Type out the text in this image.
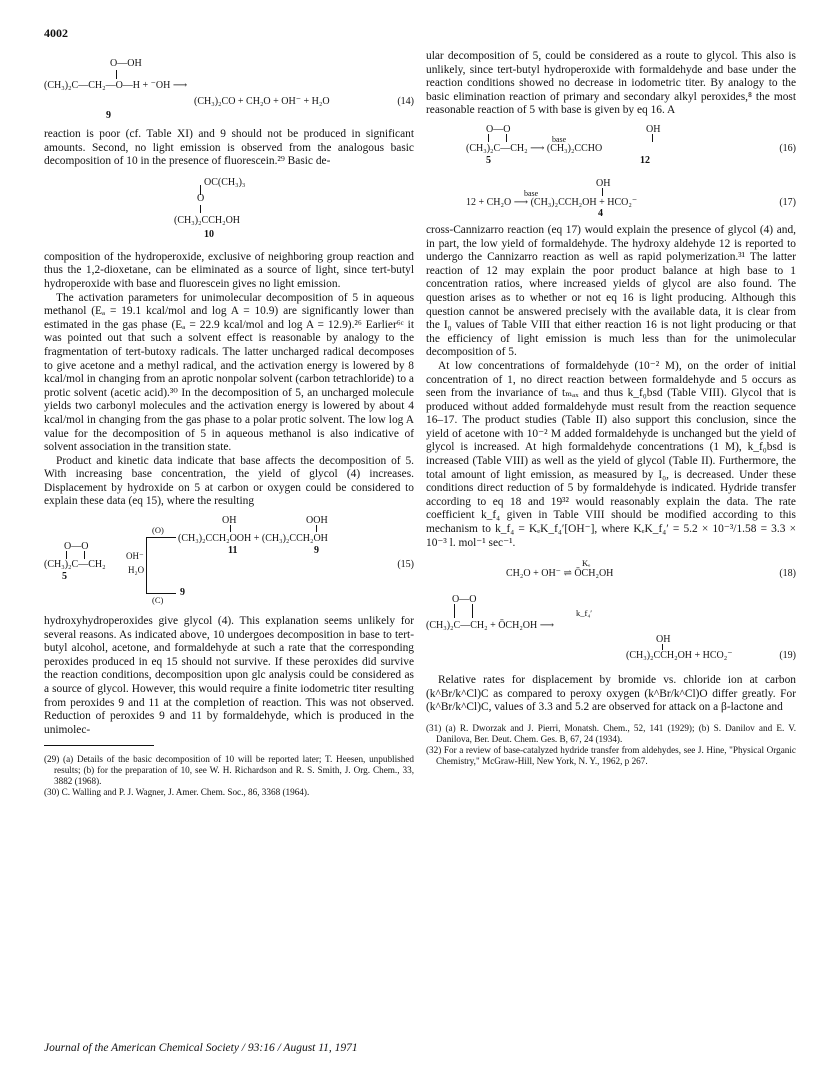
4002
O—OH
(CH₃)₂C—CH₂—O—H + ⁻OH ⟶
(CH₃)₂CO + CH₂O + OH⁻ + H₂O	(14)
9

reaction is poor (cf. Table XI) and 9 should not be produced in significant amounts. Second, no light emission is observed from the analogous basic decomposition of 10 in the presence of fluorescein.²⁹ Basic de-

OC(CH₃)₃
O
(CH₃)₂CCH₂OH
10

composition of the hydroperoxide, exclusive of neighboring group reaction and thus the 1,2-dioxetane, can be eliminated as a source of light, since tert-butyl hydroperoxide with base and fluorescein gives no light emission.

The activation parameters for unimolecular decomposition of 5 in aqueous methanol (Eₐ = 19.1 kcal/mol and log A = 10.9) are significantly lower than estimated in the gas phase (Eₐ = 22.9 kcal/mol and log A = 12.9).²⁶ Earlier⁶ᶜ it was pointed out that such a solvent effect is reasonable by analogy to the fragmentation of tert-butoxy radicals. The latter uncharged radical decomposes to give acetone and a methyl radical, and the activation energy is lowered by 8 kcal/mol in changing from an aprotic nonpolar solvent (carbon tetrachloride) to a protic solvent (acetic acid).³⁰ In the decomposition of 5, an uncharged molecule yields two carbonyl molecules and the activation energy is lowered by about 4 kcal/mol in changing from the gas phase to a polar protic solvent. The low log A value for the decomposition of 5 in aqueous methanol is also indicative of solvent association in the transition state.

Product and kinetic data indicate that base affects the decomposition of 5. With increasing base concentration, the yield of glycol (4) increases. Displacement by hydroxide on 5 at carbon or oxygen could be considered to explain these data (eq 15), where the resulting

OH	OOH
(CH₃)₂CCH₂OOH + (CH₃)₂CCH₂OH
11	9
O—O
(CH₃)₂C—CH₂
5
OH⁻
H₂O
(O)
(C)
9
(15)

hydroxyhydroperoxides give glycol (4). This explanation seems unlikely for several reasons. As indicated above, 10 undergoes decomposition in base to tert-butyl alcohol, acetone, and formaldehyde at such a rate that the corresponding peroxides produced in eq 15 should not survive. If these peroxides did survive the reaction conditions, decomposition upon glc analysis could be considered as a source of glycol. However, this would require a finite iodometric titer resulting from peroxides 9 and 11 at the completion of reaction. This was not observed. Reduction of peroxides 9 and 11 by formaldehyde, which is produced in the unimolec-

(29) (a) Details of the basic decomposition of 10 will be reported later; T. Heesen, unpublished results; (b) for the preparation of 10, see W. H. Richardson and R. S. Smith, J. Org. Chem., 33, 3882 (1968).

(30) C. Walling and P. J. Wagner, J. Amer. Chem. Soc., 86, 3368 (1964).

ular decomposition of 5, could be considered as a route to glycol. This also is unlikely, since tert-butyl hydroperoxide with formaldehyde and base under the reaction conditions showed no decrease in iodometric titer. By analogy to the basic elimination reaction of primary and secondary alkyl peroxides,⁸ the most reasonable reaction of 5 with base is given by eq 16. A

O—O	OH
base
(CH₃)₂C—CH₂ ⟶ (CH₃)₂CCHO
5	12
(16)
OH
base
12 + CH₂O ⟶ (CH₃)₂CCH₂OH + HCO₂⁻
4
(17)

cross-Cannizarro reaction (eq 17) would explain the presence of glycol (4) and, in part, the low yield of formaldehyde. The hydroxy aldehyde 12 is reported to undergo the Cannizarro reaction as well as rapid polymerization.³¹ The latter reaction of 12 may explain the poor product balance at high base to 1 concentration ratios, where increased yields of glycol are also found. The question arises as to whether or not eq 16 is light producing. Although this question cannot be answered precisely with the available data, it is clear from the I₀ values of Table VIII that either reaction 16 is not light producing or that the efficiency of light emission is much less than for the unimolecular decomposition of 5.

At low concentrations of formaldehyde (10⁻² M), on the order of initial concentration of 1, no direct reaction between formaldehyde and 5 occurs as seen from the invariance of tₘₐₓ and thus k_f₀bsd (Table VIII). Glycol that is produced without added formaldehyde must result from the reaction sequence 16–17. The product studies (Table II) also support this conclusion, since the yield of acetone with 10⁻² M added formaldehyde is unchanged but the yield of glycol is increased. At high formaldehyde concentrations (1 M), k_f₀bsd is increased (Table VIII) as well as the yield of glycol (Table II). Furthermore, the total amount of light emission, as measured by I₀, is decreased. Under these conditions direct reduction of 5 by formaldehyde is indicated. Hydride transfer according to eq 18 and 19³² would reasonably explain the data. The rate coefficient k_f₄ given in Table VIII should be modified according to this mechanism to k_f₄ = KₑK_f₄′[OH⁻], where KₑK_f₄′ = 5.2 × 10⁻³/1.58 = 3.3 × 10⁻³ l. mol⁻¹ sec⁻¹.

Kₑ
CH₂O + OH⁻ ⇌ ŌCH₂OH	(18)
O—O
k_f₄′
(CH₃)₂C—CH₂ + ŌCH₂OH ⟶
OH
(CH₃)₂CCH₂OH + HCO₂⁻	(19)

Relative rates for displacement by bromide vs. chloride ion at carbon (k^Br/k^Cl)C as compared to peroxy oxygen (k^Br/k^Cl)O differ greatly. For (k^Br/k^Cl)C, values of 3.3 and 5.2 are observed for attack on a β-lactone and

(31) (a) R. Dworzak and J. Pierri, Monatsh. Chem., 52, 141 (1929); (b) S. Danilov and E. V. Danilova, Ber. Deut. Chem. Ges. B, 67, 24 (1934).

(32) For a review of base-catalyzed hydride transfer from aldehydes, see J. Hine, "Physical Organic Chemistry," McGraw-Hill, New York, N. Y., 1962, p 267.

Journal of the American Chemical Society / 93:16 / August 11, 1971
